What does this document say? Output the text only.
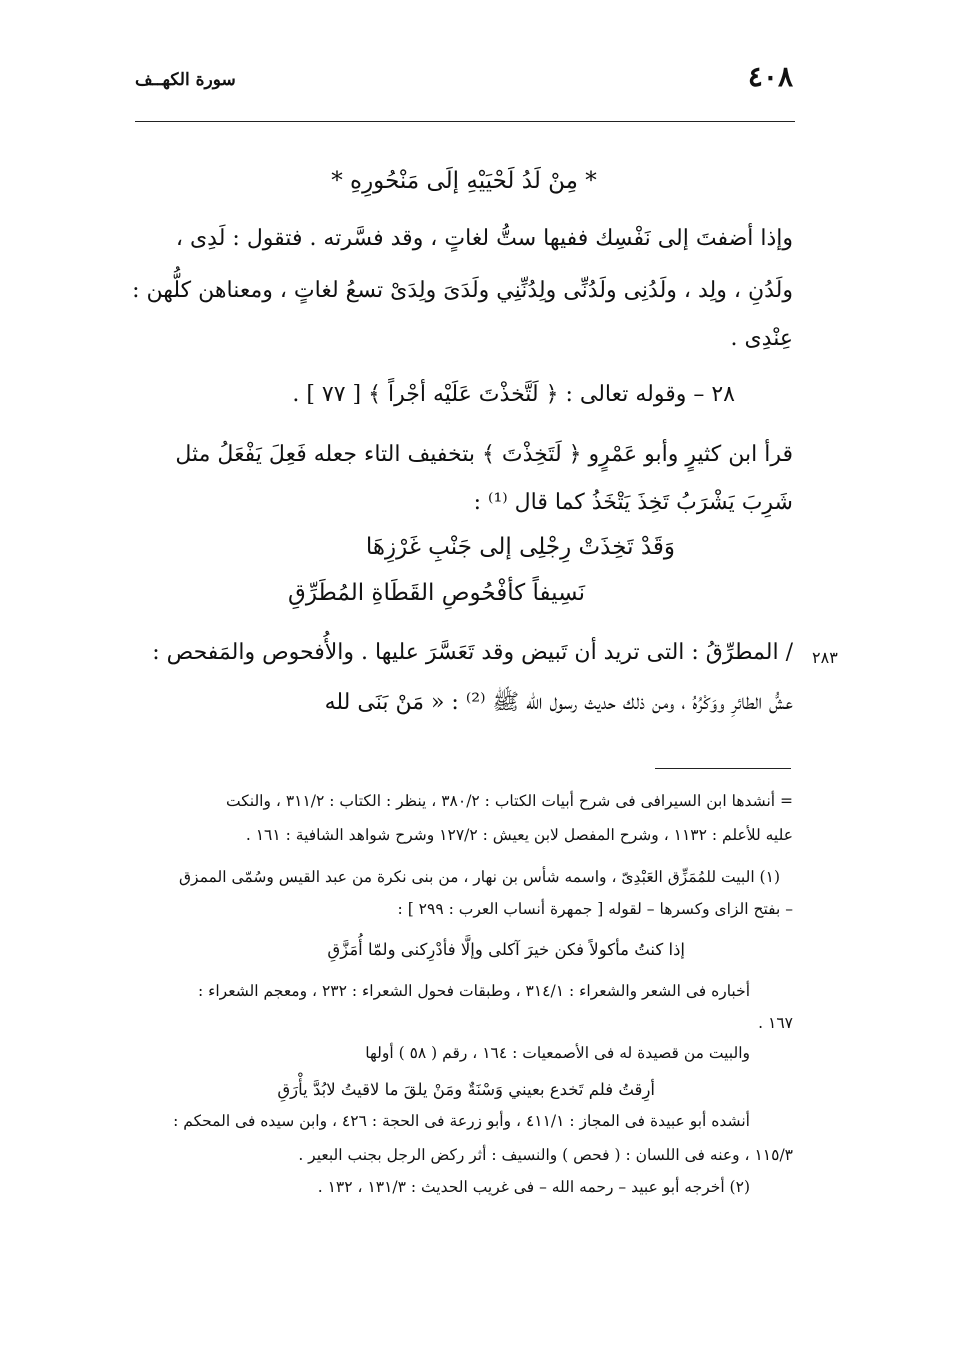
٤٠٨
سورة الكهــف
* مِنْ لَدُ لَحْيَيْهِ إلَى مَنْحُورِهِ *
وإذا أضفتَ إلى نَفْسِك ففيها ستُّ لغاتٍ ، وقد فسَّرته . فتقول : لَدِى ،
ولَدُنِ ، ولِد ، ولَدُنِى ولَدُنِّى ولِدُنِّنِي ولَدَىَ ولِدَىْ تسعُ لغاتٍ ، ومعناهن كلُّهن :
عِنْدِى .
٢٨ – وقوله تعالى : ﴿ لَتَّخذْتَ عَلَيْه أجْراً ﴾ [ ٧٧ ] .
قرأ ابن كثيرٍ وأبو عَمْرٍو ﴿ لَتَخِذْتَ ﴾ بتخفيف التاء جعله فَعِلَ يَفْعَلُ مثل
شَرِبَ يَشْرَبُ تَخِذَ يَتْخَذُ كما قال ⁽¹⁾ :
وَقَدْ تَخِذَتْ رِجْلِى إلى جَنْبِ غَرْزِهَا
نَسِيفاً كأفْحُوصِ القَطَاةِ المُطَرِّقِ
/ المطرِّقُ : التى تريد أن تَبيض وقد تَعَسَّرَ عليها . والأُفحوص والمَفحص :
عشُّ الطائرِ ووَكْرُهُ ، ومن ذلك حديث رسول الله ﷺ ⁽²⁾ : « مَنْ بَنَى لله
٢٨٣
= أنشدها ابن السيرافى فى شرح أبيات الكتاب : ٣٨٠/٢ ، ينظر : الكتاب : ٣١١/٢ ، والنكت
عليه للأعلم : ١١٣٢ ، وشرح المفصل لابن يعيش : ١٢٧/٢ وشرح شواهد الشافية : ١٦١ .
(١) البيت للمُمَزِّق العَبْدِىّ ، واسمه شأس بن نهار ، من بنى نكرة من عبد القيس وسُمّى الممزق
– بفتح الزاى وكسرها – لقوله [ جمهرة أنساب العرب : ٢٩٩ ] :
إذا كنتُ مأكولاً فكن خيرَ آكلى وإلَّا فأدْرِكنى ولمّا أُمَزَّقِ
أخباره فى الشعر والشعراء : ٣١٤/١ ، وطبقات فحول الشعراء : ٢٣٢ ، ومعجم الشعراء :
١٦٧ .
والبيت من قصيدة له فى الأصمعيات : ١٦٤ ، رقم ( ٥٨ ) أولها
أرِقتُ فلم تَخدع بعيني وَسْنَةٌ ومَنْ يلقَ ما لاقيتُ لابُدَّ يأْرَقِ
أنشده أبو عبيدة فى المجاز : ٤١١/١ ، وأبو زرعة فى الحجة : ٤٢٦ ، وابن سيده فى المحكم :
١١٥/٣ ، وعنه فى اللسان : ( فحص ) والنسيف : أثر ركض الرجل بجنب البعير .
(٢) أخرجه أبو عبيد – رحمه الله – فى غريب الحديث : ١٣١/٣ ، ١٣٢ .
